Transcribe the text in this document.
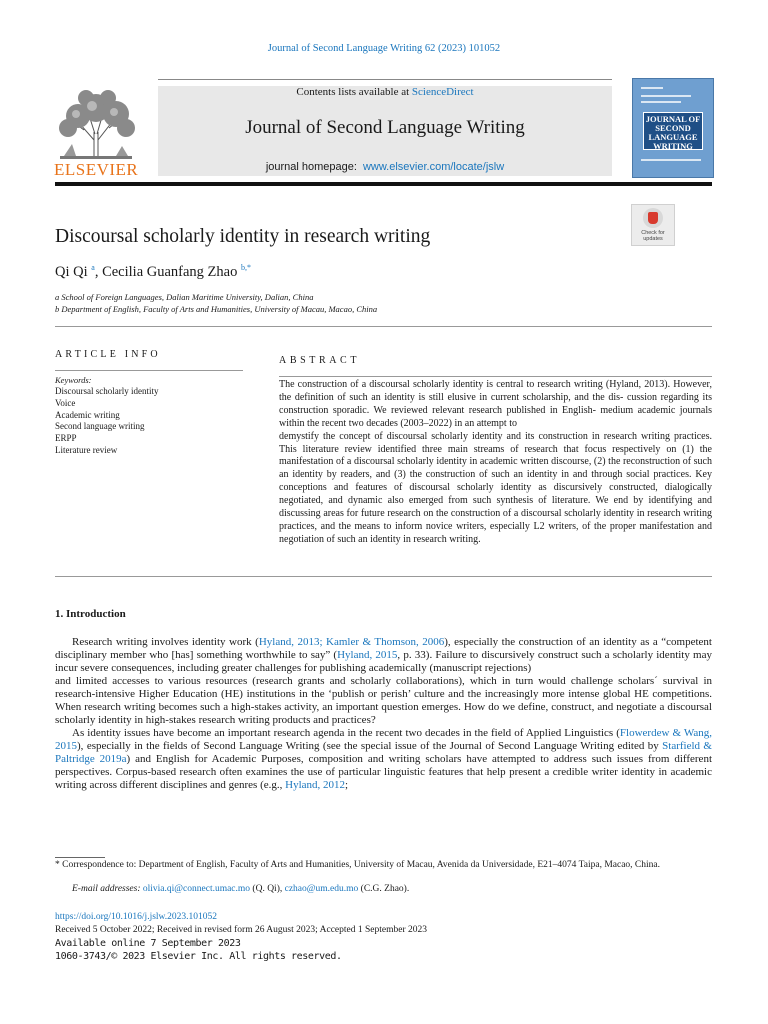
Journal of Second Language Writing 62 (2023) 101052
Contents lists available at ScienceDirect
Journal of Second Language Writing
journal homepage: www.elsevier.com/locate/jslw
ELSEVIER
JOURNAL OF SECOND LANGUAGE WRITING
Check for updates
Discoursal scholarly identity in research writing
Qi Qi $^a$, Cecilia Guanfang Zhao $^{b,*}$
a School of Foreign Languages, Dalian Maritime University, Dalian, China
b Department of English, Faculty of Arts and Humanities, University of Macau, Macao, China
ARTICLE INFO
Keywords:
Discoursal scholarly identity
Voice
Academic writing
Second language writing
ERPP
Literature review
ABSTRACT

The construction of a discoursal scholarly identity is central to research writing (Hyland, 2013). However, the definition of such an identity is still elusive in current scholarship, and the dis- cussion regarding its construction sporadic. We reviewed relevant research published in English- medium academic journals within the recent two decades (2003–2022) in an attempt to

demystify the concept of discoursal scholarly identity and its construction in research writing practices. This literature review identified three main streams of research that focus respectively on (1) the manifestation of a discoursal scholarly identity in academic written discourse, (2) the reconstruction of such an identity by readers, and (3) the construction of such an identity in and through social practices. Key conceptions and features of discoursal scholarly identity as discursively constructed, dialogically negotiated, and dynamic also emerged from such synthesis of literature. We end by identifying and discussing areas for future research on the construction of a discoursal scholarly identity in research writing practices, and the means to inform novice writers, especially L2 writers, of the proper manifestation and negotiation of such an identity in research writing.

1. Introduction

Research writing involves identity work (Hyland, 2013; Kamler & Thomson, 2006), especially the construction of an identity as a “competent disciplinary member who [has] something worthwhile to say” (Hyland, 2015, p. 33). Failure to discursively construct such a scholarly identity may incur severe consequences, including greater challenges for publishing academically (manuscript rejections)

and limited accesses to various resources (research grants and scholarly collaborations), which in turn would challenge scholars´ survival in research-intensive Higher Education (HE) institutions in the ‘publish or perish’ culture and the increasingly more intense global HE competitions. When research writing becomes such a high-stakes activity, an important question emerges. How do we define, construct, and negotiate a discoursal scholarly identity in high-stakes research writing products and practices?

As identity issues have become an important research agenda in the recent two decades in the field of Applied Linguistics (Flowerdew & Wang, 2015), especially in the fields of Second Language Writing (see the special issue of the Journal of Second Language Writing edited by Starfield & Paltridge 2019a) and English for Academic Purposes, composition and writing scholars have attempted to address such issues from different perspectives. Corpus-based research often examines the use of particular linguistic features that help present a credible writer identity in academic writing across different disciplines and genres (e.g., Hyland, 2012;

* Correspondence to: Department of English, Faculty of Arts and Humanities, University of Macau, Avenida da Universidade, E21–4074 Taipa, Macao, China.

E-mail addresses: olivia.qi@connect.umac.mo (Q. Qi), czhao@um.edu.mo (C.G. Zhao).
https://doi.org/10.1016/j.jslw.2023.101052
Received 5 October 2022; Received in revised form 26 August 2023; Accepted 1 September 2023
Available online 7 September 2023
1060-3743/© 2023 Elsevier Inc. All rights reserved.
